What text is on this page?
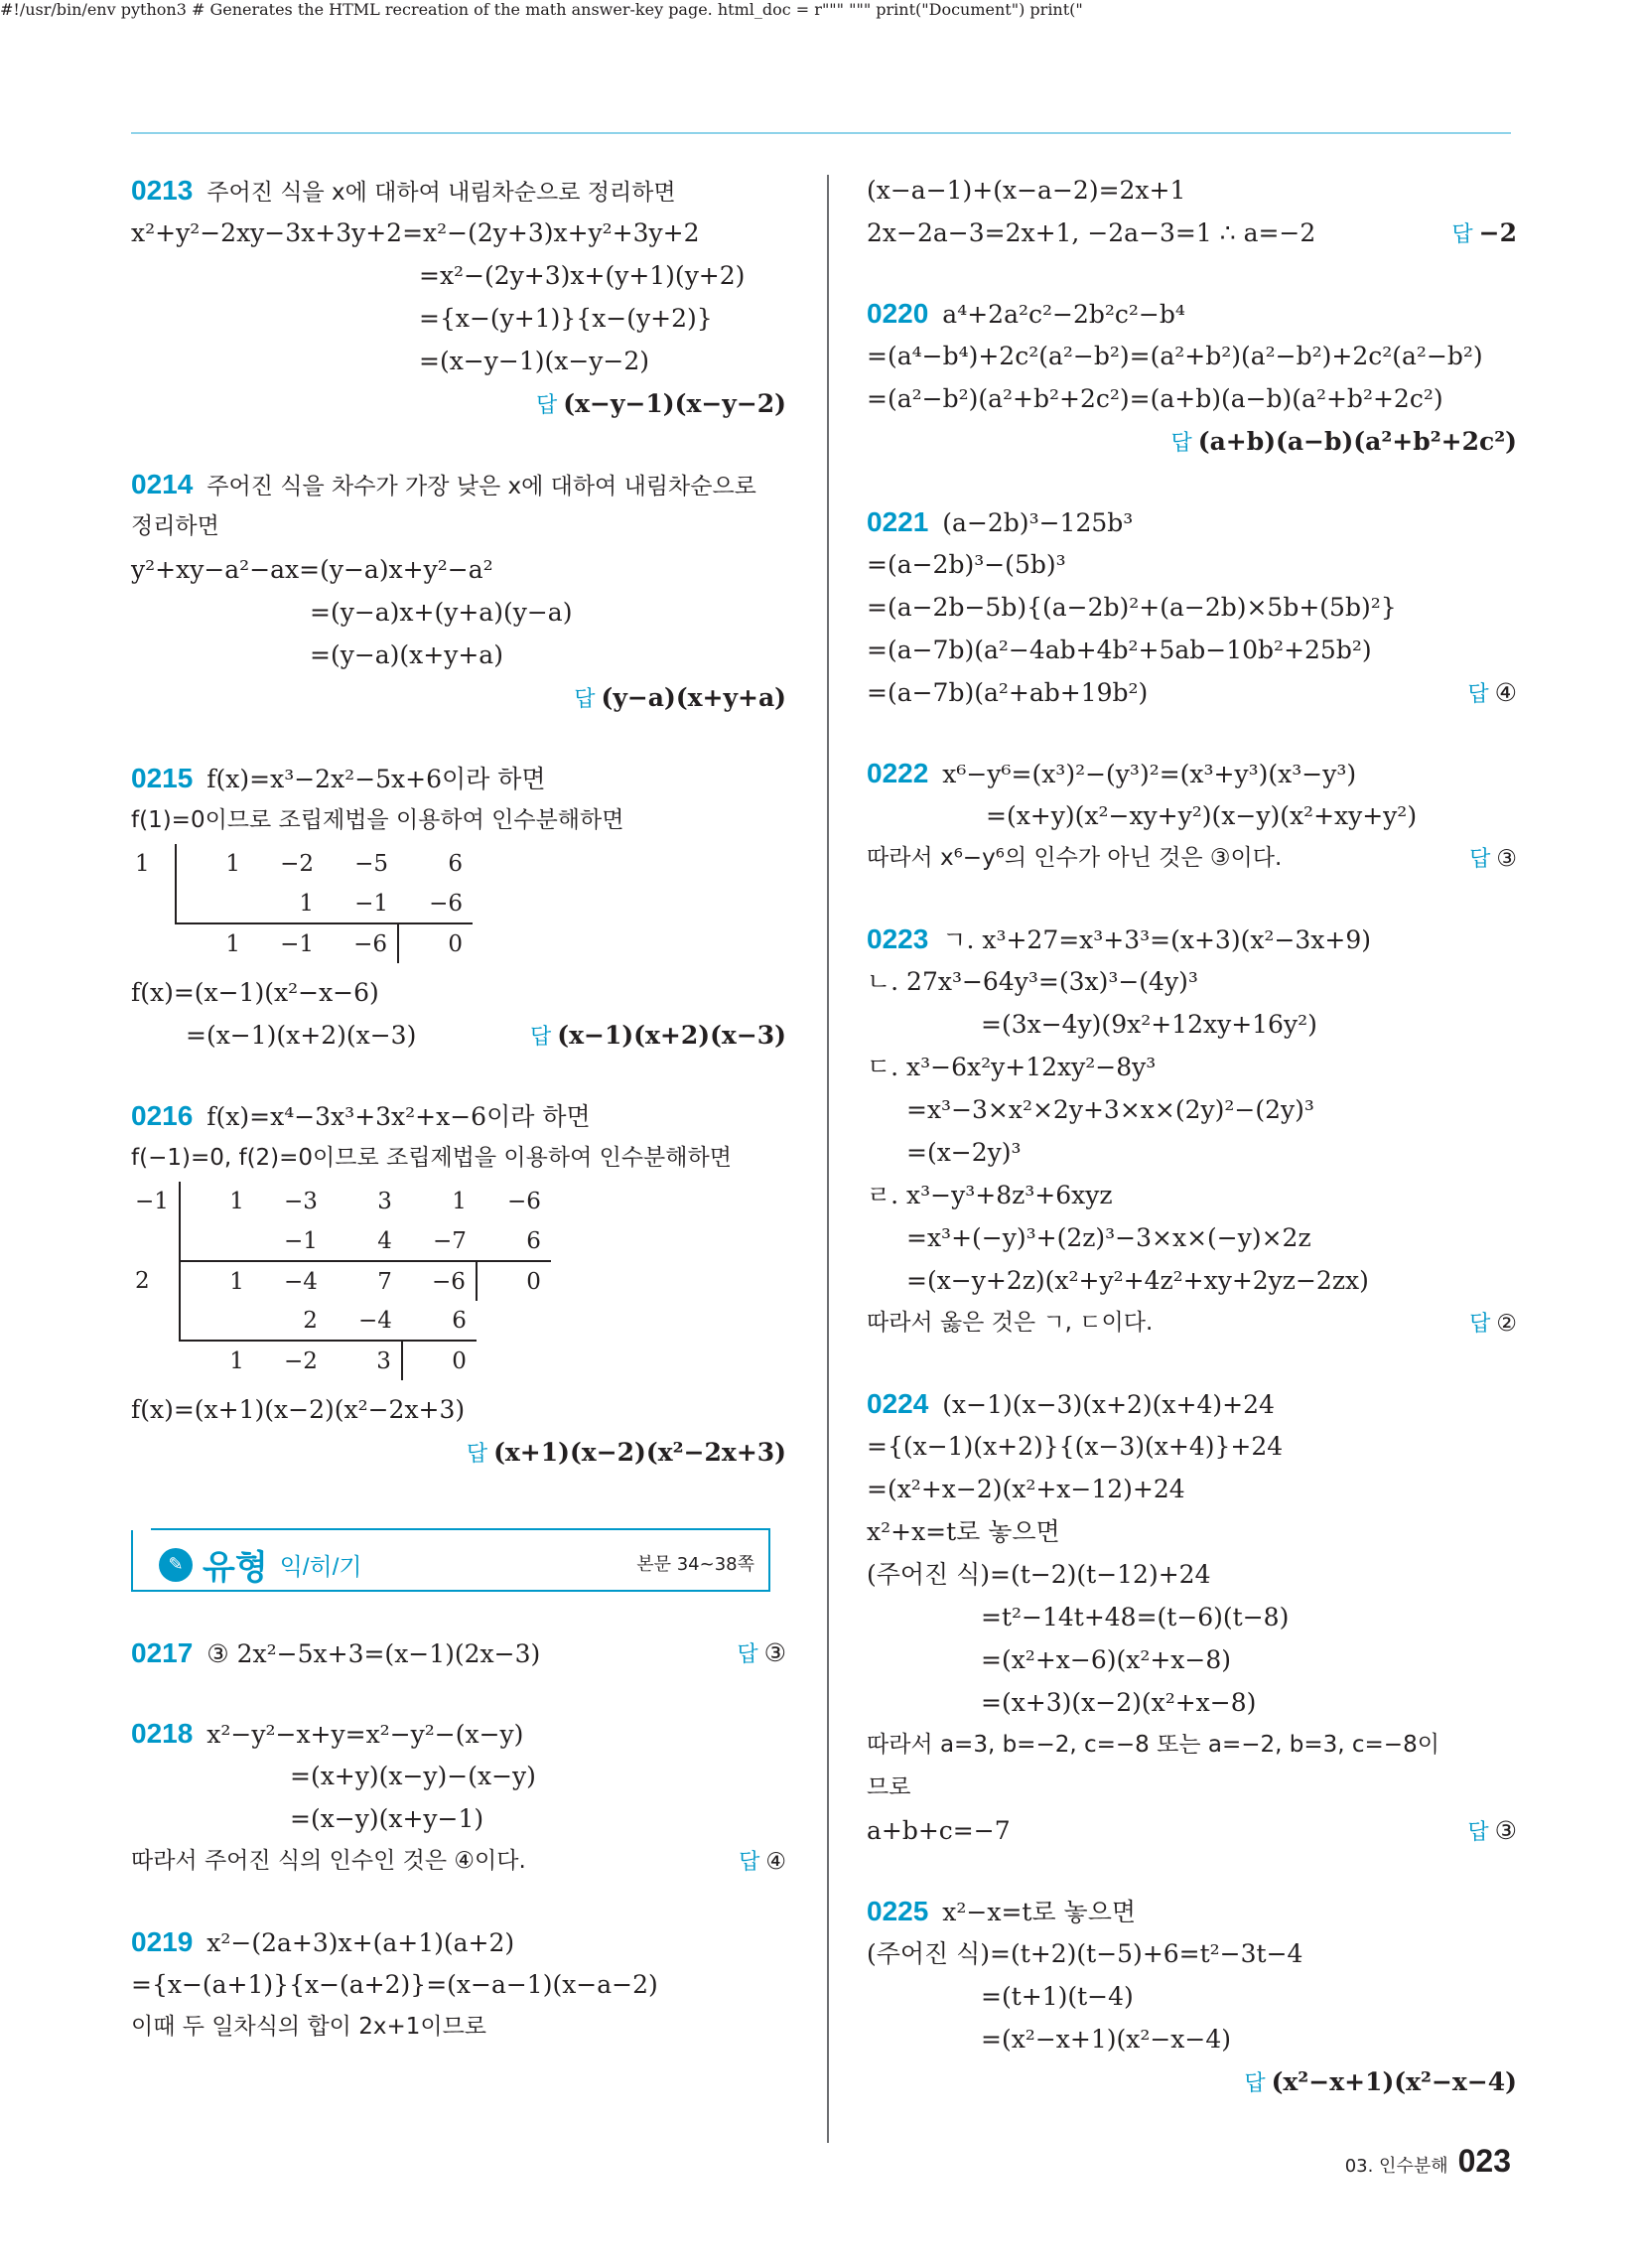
#!/usr/bin/env python3 # Generates the HTML recreation of the math answer-key page. html_doc = r"""
0213 주어진 식을 x에 대하여 내림차순으로 정리하면
x²+y²−2xy−3x+3y+2=x²−(2y+3)x+y²+3y+2
=x²−(2y+3)x+(y+1)(y+2)
={x−(y+1)}{x−(y+2)}
=(x−y−1)(x−y−2)
답 (x−y−1)(x−y−2)
0214 주어진 식을 차수가 가장 낮은 x에 대하여 내림차순으로
정리하면
y²+xy−a²−ax=(y−a)x+y²−a²
=(y−a)x+(y+a)(y−a)
=(y−a)(x+y+a)
답 (y−a)(x+y+a)
0215 f(x)=x³−2x²−5x+6이라 하면
f(1)=0이므로 조립제법을 이용하여 인수분해하면
1	1	−2	−5	6
		1	−1	−6
	1	−1	−6	0
f(x)=(x−1)(x²−x−6)
=(x−1)(x+2)(x−3)	답 (x−1)(x+2)(x−3)
0216 f(x)=x⁴−3x³+3x²+x−6이라 하면
f(−1)=0, f(2)=0이므로 조립제법을 이용하여 인수분해하면
−1	1	−3	3	1	−6
		−1	4	−7	6
2	1	−4	7	−6	0
		2	−4	6	
	1	−2	3	0	
f(x)=(x+1)(x−2)(x²−2x+3)
답 (x+1)(x−2)(x²−2x+3)
✎ 유형 익/히/기	본문 34~38쪽
0217 ③ 2x²−5x+3=(x−1)(2x−3)	답 ③
0218 x²−y²−x+y=x²−y²−(x−y)
=(x+y)(x−y)−(x−y)
=(x−y)(x+y−1)
따라서 주어진 식의 인수인 것은 ④이다.	답 ④
0219 x²−(2a+3)x+(a+1)(a+2)
={x−(a+1)}{x−(a+2)}=(x−a−1)(x−a−2)
이때 두 일차식의 합이 2x+1이므로
(x−a−1)+(x−a−2)=2x+1
2x−2a−3=2x+1, −2a−3=1 ∴ a=−2	답 −2
0220 a⁴+2a²c²−2b²c²−b⁴
=(a⁴−b⁴)+2c²(a²−b²)=(a²+b²)(a²−b²)+2c²(a²−b²)
=(a²−b²)(a²+b²+2c²)=(a+b)(a−b)(a²+b²+2c²)
답 (a+b)(a−b)(a²+b²+2c²)
0221 (a−2b)³−125b³
=(a−2b)³−(5b)³
=(a−2b−5b){(a−2b)²+(a−2b)×5b+(5b)²}
=(a−7b)(a²−4ab+4b²+5ab−10b²+25b²)
=(a−7b)(a²+ab+19b²)	답 ④
0222 x⁶−y⁶=(x³)²−(y³)²=(x³+y³)(x³−y³)
=(x+y)(x²−xy+y²)(x−y)(x²+xy+y²)
따라서 x⁶−y⁶의 인수가 아닌 것은 ③이다.	답 ③
0223 ㄱ. x³+27=x³+3³=(x+3)(x²−3x+9)
ㄴ. 27x³−64y³=(3x)³−(4y)³
=(3x−4y)(9x²+12xy+16y²)
ㄷ. x³−6x²y+12xy²−8y³
=x³−3×x²×2y+3×x×(2y)²−(2y)³
=(x−2y)³
ㄹ. x³−y³+8z³+6xyz
=x³+(−y)³+(2z)³−3×x×(−y)×2z
=(x−y+2z)(x²+y²+4z²+xy+2yz−2zx)
따라서 옳은 것은 ㄱ, ㄷ이다.	답 ②
0224 (x−1)(x−3)(x+2)(x+4)+24
={(x−1)(x+2)}{(x−3)(x+4)}+24
=(x²+x−2)(x²+x−12)+24
x²+x=t로 놓으면
(주어진 식)=(t−2)(t−12)+24
=t²−14t+48=(t−6)(t−8)
=(x²+x−6)(x²+x−8)
=(x+3)(x−2)(x²+x−8)
따라서 a=3, b=−2, c=−8 또는 a=−2, b=3, c=−8이
므로
a+b+c=−7	답 ③
0225 x²−x=t로 놓으면
(주어진 식)=(t+2)(t−5)+6=t²−3t−4
=(t+1)(t−4)
=(x²−x+1)(x²−x−4)
답 (x²−x+1)(x²−x−4)
03. 인수분해 023
""" print("Document") print("
